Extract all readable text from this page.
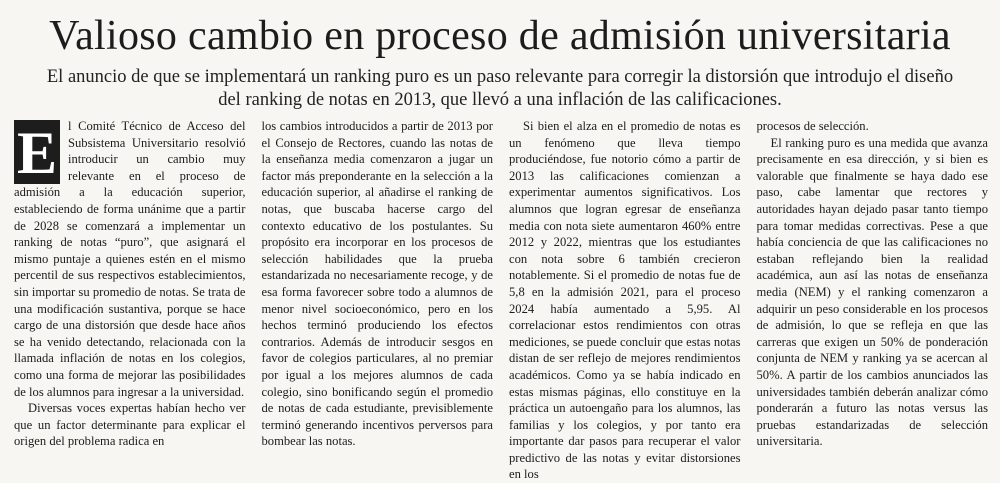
Valioso cambio en proceso de admisión universitaria
El anuncio de que se implementará un ranking puro es un paso relevante para corregir la distorsión que introdujo el diseño del ranking de notas en 2013, que llevó a una inflación de las calificaciones.

E l Comité Técnico de Acceso del Subsistema Universitario resolvió introducir un cambio muy relevante en el proceso de admisión a la educación superior, estableciendo de forma unánime que a partir de 2028 se comenzará a implementar un ranking de notas “puro”, que asignará el mismo puntaje a quienes estén en el mismo percentil de sus respectivos establecimientos, sin importar su promedio de notas. Se trata de una modificación sustantiva, porque se hace cargo de una distorsión que desde hace años se ha venido detectando, relacionada con la llamada inflación de notas en los colegios, como una forma de mejorar las posibilidades de los alumnos para ingresar a la universidad.

Diversas voces expertas habían hecho ver que un factor determinante para explicar el origen del problema radica en

los cambios introducidos a partir de 2013 por el Consejo de Rectores, cuando las notas de la enseñanza media comenzaron a jugar un factor más preponderante en la selección a la educación superior, al añadirse el ranking de notas, que buscaba hacerse cargo del contexto educativo de los postulantes. Su propósito era incorporar en los procesos de selección habilidades que la prueba estandarizada no necesariamente recoge, y de esa forma favorecer sobre todo a alumnos de menor nivel socioeconómico, pero en los hechos terminó produciendo los efectos contrarios. Además de introducir sesgos en favor de colegios particulares, al no premiar por igual a los mejores alumnos de cada colegio, sino bonificando según el promedio de notas de cada estudiante, previsiblemente terminó generando incentivos perversos para bombear las notas.

Si bien el alza en el promedio de notas es un fenómeno que lleva tiempo produciéndose, fue notorio cómo a partir de 2013 las calificaciones comienzan a experimentar aumentos significativos. Los alumnos que logran egresar de enseñanza media con nota siete aumentaron 460% entre 2012 y 2022, mientras que los estudiantes con nota sobre 6 también crecieron notablemente. Si el promedio de notas fue de 5,8 en la admisión 2021, para el proceso 2024 había aumentado a 5,95. Al correlacionar estos rendimientos con otras mediciones, se puede concluir que estas notas distan de ser reflejo de mejores rendimientos académicos. Como ya se había indicado en estas mismas páginas, ello constituye en la práctica un autoengaño para los alumnos, las familias y los colegios, y por tanto era importante dar pasos para recuperar el valor predictivo de las notas y evitar distorsiones en los

procesos de selección.

El ranking puro es una medida que avanza precisamente en esa dirección, y si bien es valorable que finalmente se haya dado ese paso, cabe lamentar que rectores y autoridades hayan dejado pasar tanto tiempo para tomar medidas correctivas. Pese a que había conciencia de que las calificaciones no estaban reflejando bien la realidad académica, aun así las notas de enseñanza media (NEM) y el ranking comenzaron a adquirir un peso considerable en los procesos de admisión, lo que se refleja en que las carreras que exigen un 50% de ponderación conjunta de NEM y ranking ya se acercan al 50%. A partir de los cambios anunciados las universidades también deberán analizar cómo ponderarán a futuro las notas versus las pruebas estandarizadas de selección universitaria.
